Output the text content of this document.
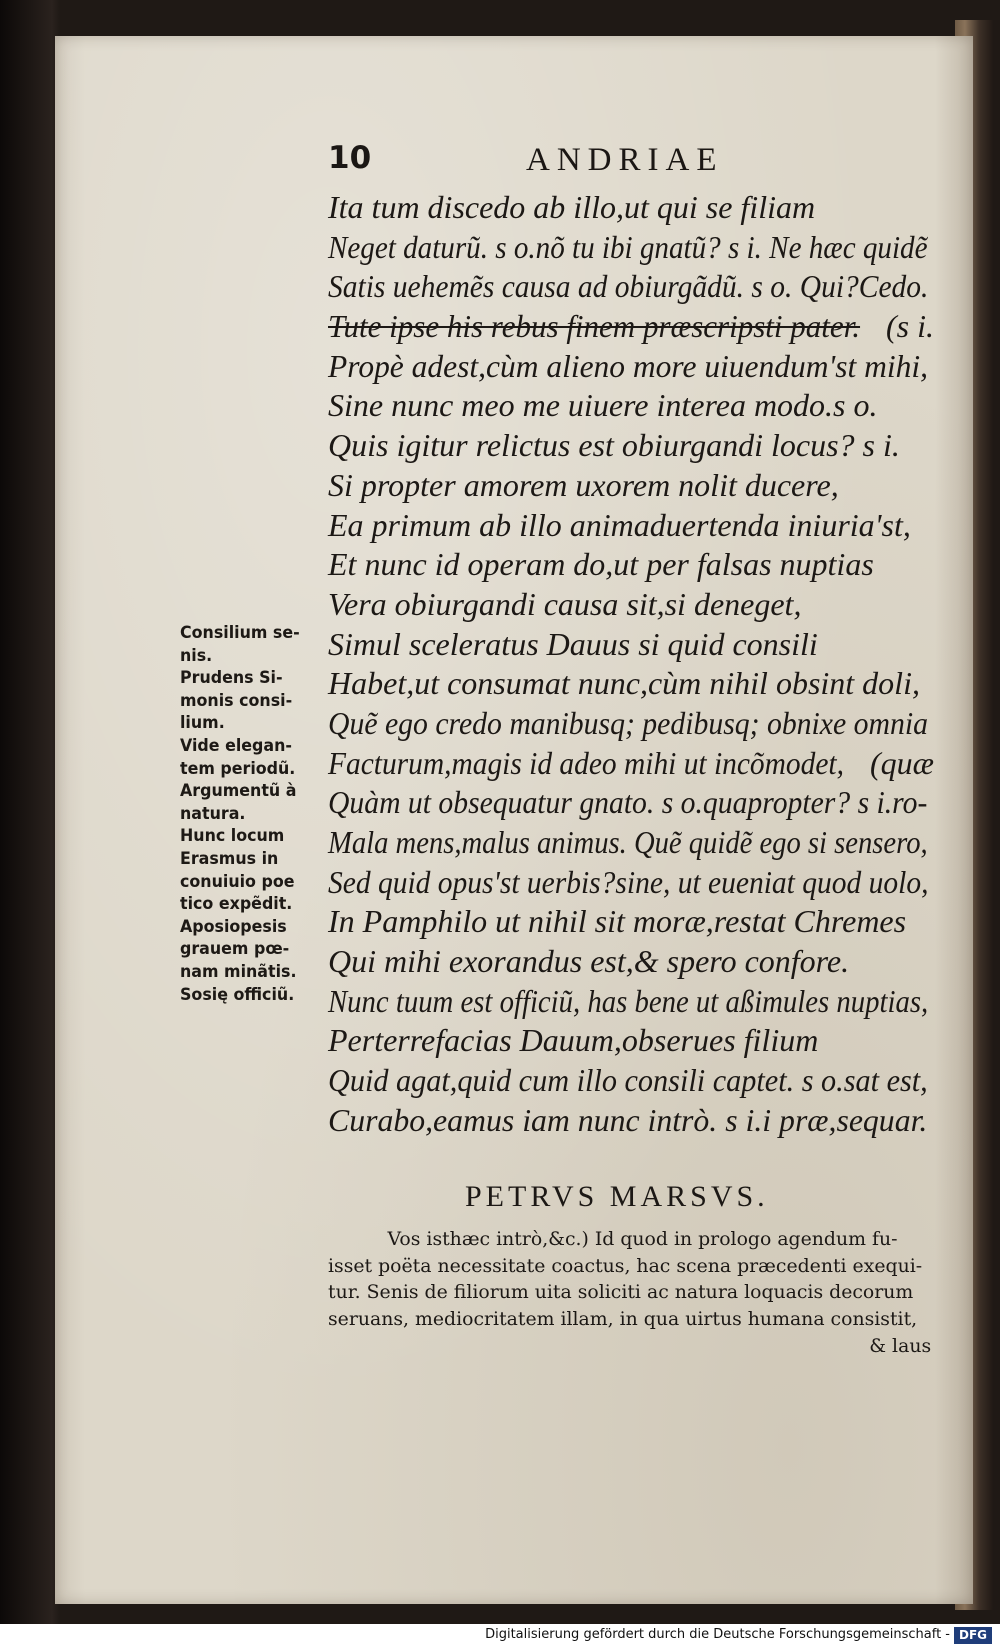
10	ANDRIAE
Ita tum discedo ab illo,ut qui se filiam
Neget daturũ. s o.nõ tu ibi gnatũ? s i. Ne hæc quidẽ
Satis uehemẽs causa ad obiurgãdũ. s o. Qui?Cedo.
Tute ipse his rebus finem præscripsti pater. (s i.
Propè adest,cùm alieno more uiuendum'st mihi,
Sine nunc meo me uiuere interea modo.s o.
Quis igitur relictus est obiurgandi locus? s i.
Si propter amorem uxorem nolit ducere,
Ea primum ab illo animaduertenda iniuria'st,
Et nunc id operam do,ut per falsas nuptias
Vera obiurgandi causa sit,si deneget,
Simul sceleratus Dauus si quid consili
Habet,ut consumat nunc,cùm nihil obsint doli,
Quẽ ego credo manibusq; pedibusq; obnixe omnia
Facturum,magis id adeo mihi ut incõmodet, (quæ
Quàm ut obsequatur gnato. s o.quapropter? s i.ro-
Mala mens,malus animus. Quẽ quidẽ ego si sensero,
Sed quid opus'st uerbis?sine, ut eueniat quod uolo,
In Pamphilo ut nihil sit moræ,restat Chremes
Qui mihi exorandus est,& spero confore.
Nunc tuum est officiũ, has bene ut aßimules nuptias,
Perterrefacias Dauum,obserues filium
Quid agat,quid cum illo consili captet. s o.sat est,
Curabo,eamus iam nunc intrò. s i.i præ,sequar.
Consilium se-
nis.
Prudens Si-
monis consi-
lium.
Vide elegan-
tem periodũ.
Argumentũ à
natura.
Hunc locum
Erasmus in
conuiuio poe
tico expẽdit.
Aposiopesis
grauem pœ-
nam minãtis.
Sosię officiũ.
PETRVS MARSVS.
Vos isthæc intrò,&c.) Id quod in prologo agendum fu-
isset poëta necessitate coactus, hac scena præcedenti exequi-
tur. Senis de filiorum uita soliciti ac natura loquacis decorum
seruans, mediocritatem illam, in qua uirtus humana consistit,
& laus
Digitalisierung gefördert durch die Deutsche Forschungsgemeinschaft - DFG
